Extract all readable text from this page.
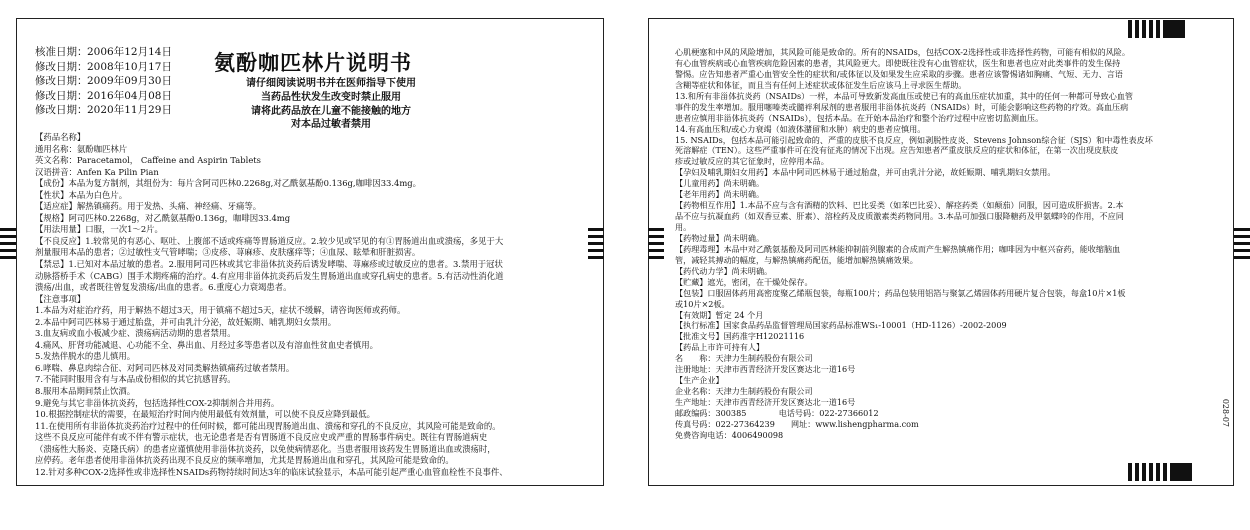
核准日期：2006年12月14日
修改日期：2008年10月17日
修改日期：2009年09月30日
修改日期：2016年04月08日
修改日期：2020年11月29日
氨酚咖匹林片说明书
请仔细阅读说明书并在医师指导下使用
当药品性状发生改变时禁止服用
请将此药品放在儿童不能接触的地方
对本品过敏者禁用
【药品名称】
通用名称：氨酚咖匹林片
英文名称：Paracetamol， Caffeine and Aspirin Tablets
汉语拼音：Anfen Ka Pilin Pian
【成份】本品为复方制剂，其组份为：每片含阿司匹林0.2268g,对乙酰氨基酚0.136g,咖啡因33.4mg。
【性状】本品为白色片。
【适应症】解热镇痛药。用于发热、头痛、神经痛、牙痛等。
【规格】阿司匹林0.2268g，对乙酰氨基酚0.136g，咖啡因33.4mg
【用法用量】口服，一次1～2片。
【不良反应】1.较常见的有恶心、呕吐、上腹部不适或疼痛等胃肠道反应。2.较少见或罕见的有①胃肠道出血或溃疡，多见于大
剂量服用本品的患者；②过敏性支气管哮喘；③皮疹、荨麻疹、皮肤瘙痒等；④血尿、眩晕和肝脏损害。
【禁忌】1.已知对本品过敏的患者。2.服用阿司匹林或其它非甾体抗炎药后诱发哮喘、荨麻疹或过敏反应的患者。3.禁用于冠状
动脉搭桥手术（CABG）围手术期疼痛的治疗。4.有应用非甾体抗炎药后发生胃肠道出血或穿孔病史的患者。5.有活动性消化道
溃疡/出血，或者既往曾复发溃疡/出血的患者。6.重度心力衰竭患者。
【注意事项】
1.本品为对症治疗药，用于解热不超过3天，用于镇痛不超过5天，症状不缓解，请咨询医师或药师。
2.本品中阿司匹林易于通过胎盘，并可由乳汁分泌，故妊娠期、哺乳期妇女禁用。
3.血友病或血小板减少症、溃疡病活动期的患者禁用。
4.痛风、肝肾功能减退、心功能不全、鼻出血、月经过多等患者以及有溶血性贫血史者慎用。
5.发热伴脱水的患儿慎用。
6.哮喘、鼻息肉综合征、对阿司匹林及对同类解热镇痛药过敏者禁用。
7.不能同时服用含有与本品成份相似的其它抗感冒药。
8.服用本品期间禁止饮酒。
9.避免与其它非甾体抗炎药，包括选择性COX-2抑制剂合并用药。
10.根据控制症状的需要，在最短治疗时间内使用最低有效剂量，可以使不良反应降到最低。
11.在使用所有非甾体抗炎药治疗过程中的任何时候，都可能出现胃肠道出血、溃疡和穿孔的不良反应，其风险可能是致命的。
这些不良反应可能伴有或不伴有警示症状，也无论患者是否有胃肠道不良反应史或严重的胃肠事件病史。既往有胃肠道病史
（溃疡性大肠炎、克隆氏病）的患者应谨慎使用非甾体抗炎药，以免使病情恶化。当患者服用该药发生胃肠道出血或溃疡时，
应停药。老年患者使用非甾体抗炎药出现不良反应的频率增加，尤其是胃肠道出血和穿孔，其风险可能是致命的。
12.针对多种COX-2选择性或非选择性NSAIDs药物持续时间达3年的临床试验显示，本品可能引起严重心血管血栓性不良事件、
心肌梗塞和中风的风险增加，其风险可能是致命的。所有的NSAIDs，包括COX-2选择性或非选择性药物，可能有相似的风险。
有心血管疾病或心血管疾病危险因素的患者，其风险更大。即使既往没有心血管症状，医生和患者也应对此类事件的发生保持
警惕。应告知患者严重心血管安全性的症状和/或体征以及如果发生应采取的步骤。患者应该警惕诸如胸痛、气短、无力、言语
含糊等症状和体征，而且当有任何上述症状或体征发生后应该马上寻求医生帮助。
13.和所有非甾体抗炎药（NSAIDs）一样，本品可导致新发高血压或使已有的高血压症状加重，其中的任何一种都可导致心血管
事件的发生率增加。服用噻嗪类或髓袢利尿剂的患者服用非甾体抗炎药（NSAIDs）时，可能会影响这些药物的疗效。高血压病
患者应慎用非甾体抗炎药（NSAIDs），包括本品。在开始本品治疗和整个治疗过程中应密切监测血压。
14.有高血压和/或心力衰竭（如液体潴留和水肿）病史的患者应慎用。
15. NSAIDs，包括本品可能引起致命的、严重的皮肤不良反应，例如剥脱性皮炎、Stevens Johnson综合征（SJS）和中毒性表皮坏
死溶解症（TEN）。这些严重事件可在没有征兆的情况下出现。应告知患者严重皮肤反应的症状和体征，在第一次出现皮肤皮
疹或过敏反应的其它征象时，应停用本品。
【孕妇及哺乳期妇女用药】本品中阿司匹林易于通过胎盘，并可由乳汁分泌，故妊娠期、哺乳期妇女禁用。
【儿童用药】尚未明确。
【老年用药】尚未明确。
【药物相互作用】1.本品不应与含有酒精的饮料、巴比妥类（如苯巴比妥）、解痉药类（如颠茄）同服，因可造成肝损害。2.本
品不应与抗凝血药（如双香豆素、肝素）、溶栓药及皮质激素类药物同用。3.本品可加强口服降糖药及甲氨蝶呤的作用，不应同
用。
【药物过量】尚未明确。
【药理毒理】本品中对乙酰氨基酚及阿司匹林能抑制前列腺素的合成而产生解热镇痛作用；咖啡因为中枢兴奋药，能收缩脑血
管，减轻其搏动的幅度，与解热镇痛药配伍，能增加解热镇痛效果。
【药代动力学】尚未明确。
【贮藏】遮光，密闭，在干燥处保存。
【包装】口服固体药用高密度聚乙烯瓶包装，每瓶100片；药品包装用铝箔与聚氯乙烯固体药用硬片复合包装，每盒10片×1板
或10片×2板。
【有效期】暂定 24 个月
【执行标准】国家食品药品监督管理局国家药品标准WS₁-10001（HD-1126）-2002-2009
【批准文号】国药准字H12021116
【药品上市许可持有人】
名　　称：天津力生制药股份有限公司
注册地址：天津市西青经济开发区赛达北一道16号
【生产企业】
企业名称：天津力生制药股份有限公司
生产地址：天津市西青经济开发区赛达北一道16号
邮政编码：300385　　　　电话号码：022-27366012
传真号码：022-27364239　　网址：www.lishengpharma.com
免费咨询电话：4006490098
028-07
